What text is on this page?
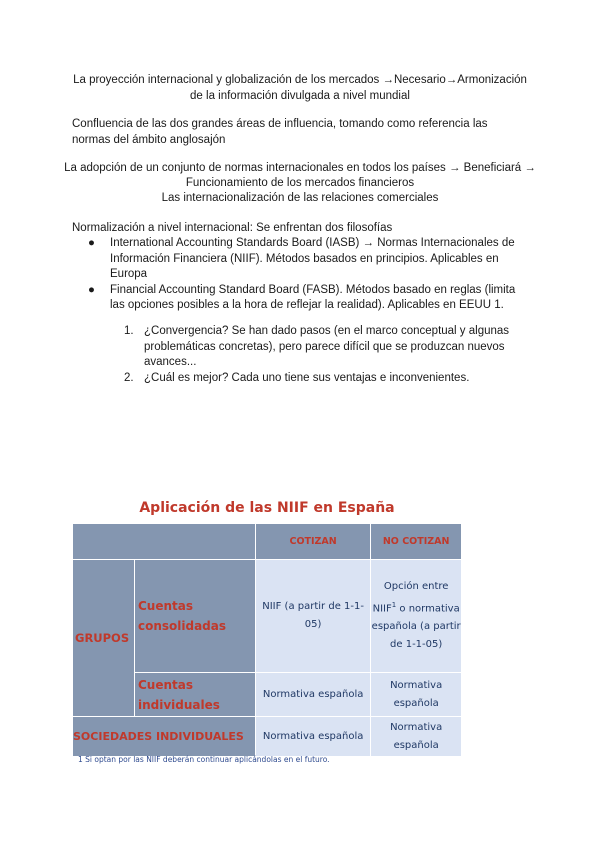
La proyección internacional y globalización de los mercados →Necesario→Armonización de la información divulgada a nivel mundial
Confluencia de las dos grandes áreas de influencia, tomando como referencia las normas del ámbito anglosajón
La adopción de un conjunto de normas internacionales en todos los países → Beneficiará →
Funcionamiento de los mercados financieros
Las internacionalización de las relaciones comerciales
Normalización a nivel internacional: Se enfrentan dos filosofías
● International Accounting Standards Board (IASB) → Normas Internacionales de Información Financiera (NIIF). Métodos basados en principios. Aplicables en Europa
● Financial Accounting Standard Board (FASB). Métodos basado en reglas (limita las opciones posibles a la hora de reflejar la realidad). Aplicables en EEUU 1.
1. ¿Convergencia? Se han dado pasos (en el marco conceptual y algunas problemáticas concretas), pero parece difícil que se produzcan nuevos avances...
2. ¿Cuál es mejor? Cada uno tiene sus ventajas e inconvenientes.
Aplicación de las NIIF en España
		COTIZAN	NO COTIZAN
GRUPOS	Cuentas consolidadas	NIIF (a partir de 1-1-05)	Opción entre NIIF$^1$ o normativa española (a partir de 1-1-05)
	Cuentas individuales	Normativa española	Normativa española
SOCIEDADES INDIVIDUALES		Normativa española	Normativa española
1 Si optan por las NIIF deberán continuar aplicándolas en el futuro.
